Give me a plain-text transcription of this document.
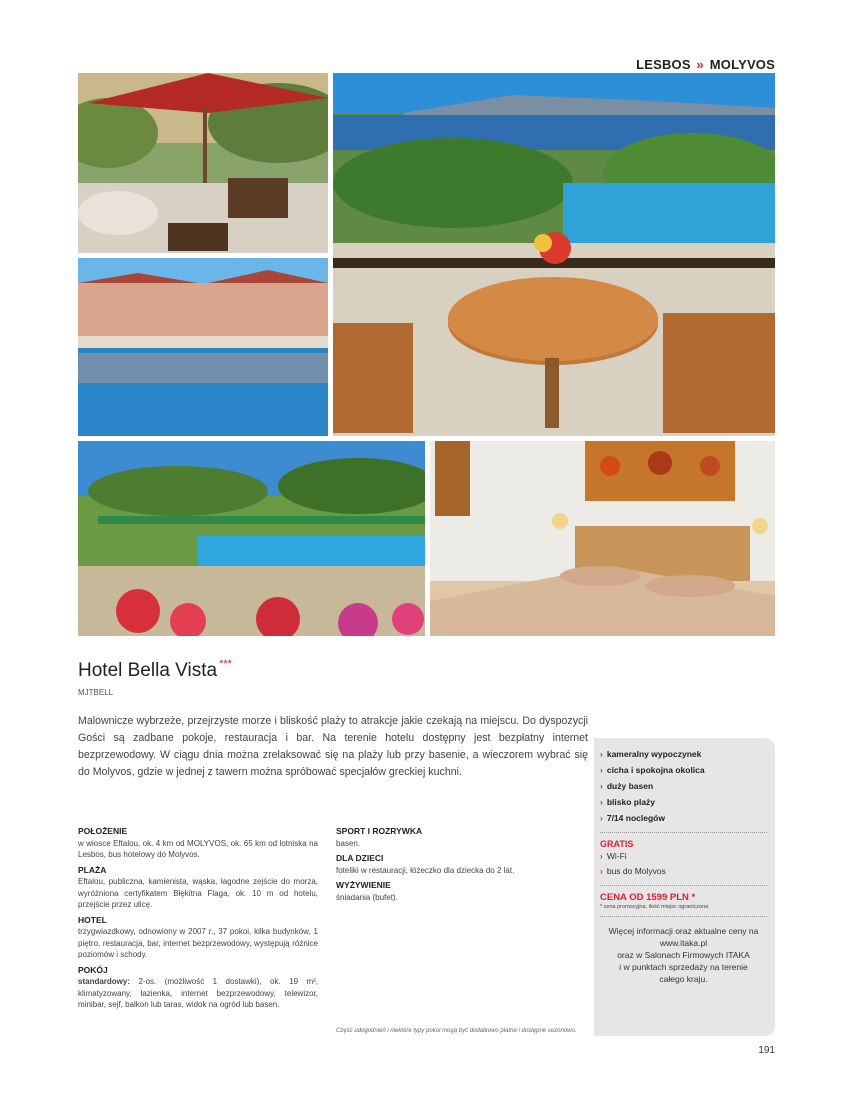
LESBOS » MOLYVOS
Hotel Bella Vista ***
MJTBELL

Malownicze wybrzeże, przejrzyste morze i bliskość plaży to atrakcje jakie czekają na miejscu. Do dyspozycji Gości są zadbane pokoje, restauracja i bar. Na terenie hotelu dostępny jest bezpłatny internet bezprzewodowy. W ciągu dnia można zrelaksować się na plaży lub przy basenie, a wieczorem wybrać się do Molyvos, gdzie w jednej z tawern można spróbować specjałów greckiej kuchni.

POŁOŻENIE

w wiosce Eftalou, ok. 4 km od MOLYVOS, ok. 65 km od lotniska na Lesbos, bus hotelowy do Molyvos.

PLAŻA

Eftalou, publiczna, kamienista, wąska, łagodne zejście do morza, wyróżniona certyfikatem Błękitna Flaga, ok. 10 m od hotelu, przejście przez ulicę.

HOTEL

trzygwiazdkowy, odnowiony w 2007 r., 37 pokoi, kilka budynków, 1 piętro, restauracja, bar, internet bezprzewodowy, występują różnice poziomów i schody.

POKÓJ

standardowy: 2-os. (możliwość 1 dostawki), ok. 19 m², klimatyzowany, łazienka, internet bezprzewodowy, telewizor, minibar, sejf, balkon lub taras, widok na ogród lub basen.

SPORT I ROZRYWKA

basen.

DLA DZIECI

foteliki w restauracji, łóżeczko dla dziecka do 2 lat.

WYŻYWIENIE

śniadania (bufet).

Część udogodnień i niektóre typy pokoi mogą być dodatkowo płatne i dostępne sezonowo.
› kameralny wypoczynek
› cicha i spokojna okolica
› duży basen
› blisko plaży
› 7/14 noclegów
GRATIS
› Wi-Fi
› bus do Molyvos
CENA OD 1599 PLN *
* cena promocyjna, ilość miejsc ograniczona
Więcej informacji oraz aktualne ceny na
www.itaka.pl
oraz w Salonach Firmowych ITAKA
i w punktach sprzedaży na terenie
całego kraju.
191
